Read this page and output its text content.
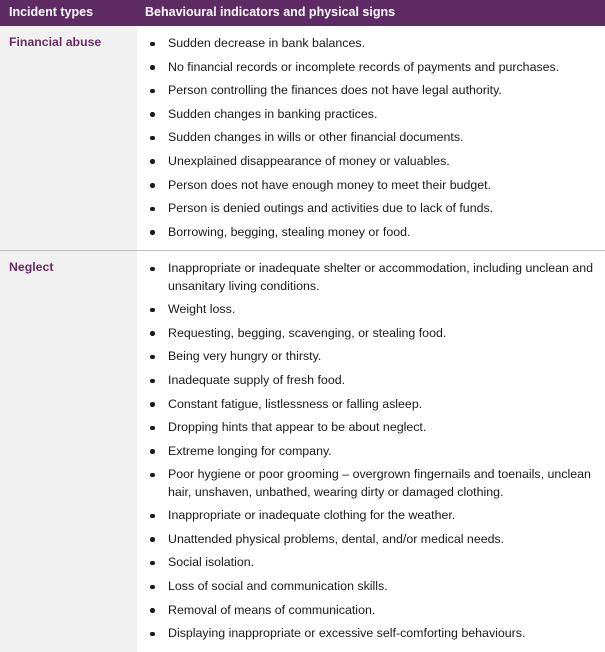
Incident types	Behavioural indicators and physical signs
Financial abuse	Sudden decrease in bank balances.
No financial records or incomplete records of payments and purchases.
Person controlling the finances does not have legal authority.
Sudden changes in banking practices.
Sudden changes in wills or other financial documents.
Unexplained disappearance of money or valuables.
Person does not have enough money to meet their budget.
Person is denied outings and activities due to lack of funds.
Borrowing, begging, stealing money or food.

Neglect	Inappropriate or inadequate shelter or accommodation, including unclean and unsanitary living conditions.
Weight loss.
Requesting, begging, scavenging, or stealing food.
Being very hungry or thirsty.
Inadequate supply of fresh food.
Constant fatigue, listlessness or falling asleep.
Dropping hints that appear to be about neglect.
Extreme longing for company.
Poor hygiene or poor grooming – overgrown fingernails and toenails, unclean hair, unshaven, unbathed, wearing dirty or damaged clothing.
Inappropriate or inadequate clothing for the weather.
Unattended physical problems, dental, and/or medical needs.
Social isolation.
Loss of social and communication skills.
Removal of means of communication.
Displaying inappropriate or excessive self-comforting behaviours.
